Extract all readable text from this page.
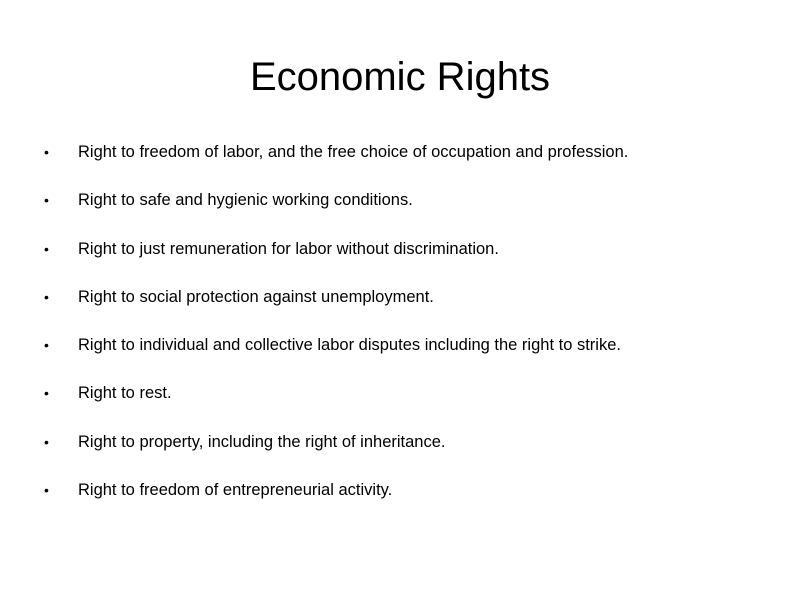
Economic Rights
•	Right to freedom of labor, and the free choice of occupation and profession.
•	Right to safe and hygienic working conditions.
•	Right to just remuneration for labor without discrimination.
•	Right to social protection against unemployment.
•	Right to individual and collective labor disputes including the right to strike.
•	Right to rest.
•	Right to property, including the right of inheritance.
•	Right to freedom of entrepreneurial activity.
